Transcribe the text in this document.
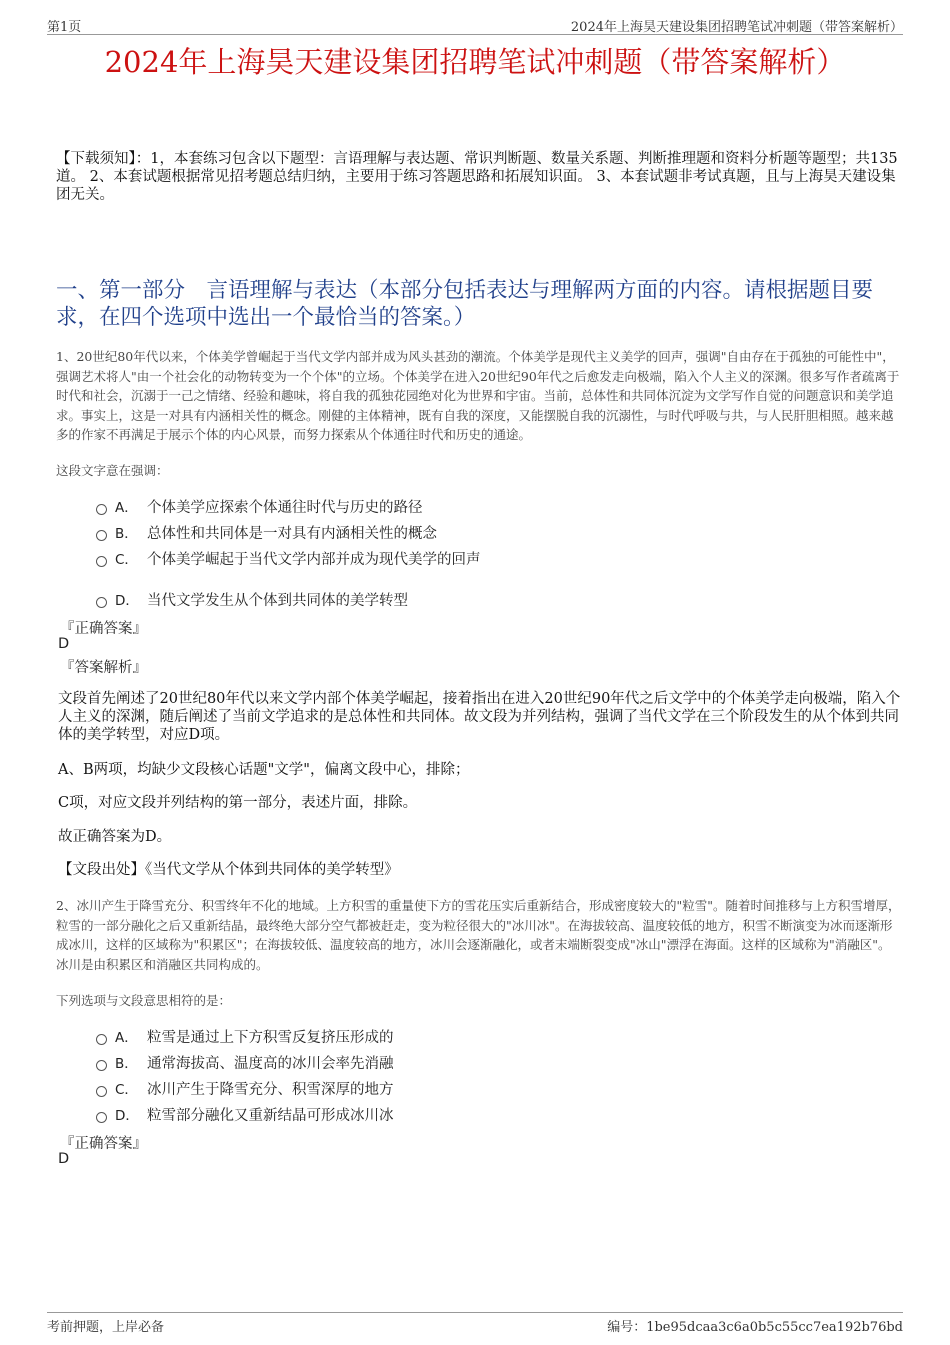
第1页	2024年上海昊天建设集团招聘笔试冲刺题（带答案解析）
2024年上海昊天建设集团招聘笔试冲刺题（带答案解析）
【下载须知】：1，本套练习包含以下题型：言语理解与表达题、常识判断题、数量关系题、判断推理题和资料分析题等题型；共135道。 2、本套试题根据常见招考题总结归纳，主要用于练习答题思路和拓展知识面。 3、本套试题非考试真题，且与上海昊天建设集团无关。
一、第一部分　言语理解与表达（本部分包括表达与理解两方面的内容。请根据题目要求，在四个选项中选出一个最恰当的答案。）
1、20世纪80年代以来，个体美学曾崛起于当代文学内部并成为风头甚劲的潮流。个体美学是现代主义美学的回声，强调"自由存在于孤独的可能性中"，强调艺术将人"由一个社会化的动物转变为一个个体"的立场。个体美学在进入20世纪90年代之后愈发走向极端，陷入个人主义的深渊。很多写作者疏离于时代和社会，沉溺于一己之情绪、经验和趣味，将自我的孤独花园绝对化为世界和宇宙。当前，总体性和共同体沉淀为文学写作自觉的问题意识和美学追求。事实上，这是一对具有内涵相关性的概念。刚健的主体精神，既有自我的深度，又能摆脱自我的沉溺性，与时代呼吸与共，与人民肝胆相照。越来越多的作家不再满足于展示个体的内心风景，而努力探索从个体通往时代和历史的通途。
这段文字意在强调：
A． 个体美学应探索个体通往时代与历史的路径
B． 总体性和共同体是一对具有内涵相关性的概念
C． 个体美学崛起于当代文学内部并成为现代美学的回声
D． 当代文学发生从个体到共同体的美学转型
『正确答案』
D
『答案解析』
文段首先阐述了20世纪80年代以来文学内部个体美学崛起，接着指出在进入20世纪90年代之后文学中的个体美学走向极端，陷入个人主义的深渊，随后阐述了当前文学追求的是总体性和共同体。故文段为并列结构，强调了当代文学在三个阶段发生的从个体到共同体的美学转型，对应D项。
A、B两项，均缺少文段核心话题"文学"，偏离文段中心，排除；
C项，对应文段并列结构的第一部分，表述片面，排除。
故正确答案为D。
【文段出处】《当代文学从个体到共同体的美学转型》
2、冰川产生于降雪充分、积雪终年不化的地域。上方积雪的重量使下方的雪花压实后重新结合，形成密度较大的"粒雪"。随着时间推移与上方积雪增厚，粒雪的一部分融化之后又重新结晶，最终绝大部分空气都被赶走，变为粒径很大的"冰川冰"。在海拔较高、温度较低的地方，积雪不断演变为冰而逐渐形成冰川，这样的区域称为"积累区"；在海拔较低、温度较高的地方，冰川会逐渐融化，或者末端断裂变成"冰山"漂浮在海面。这样的区域称为"消融区"。冰川是由积累区和消融区共同构成的。
下列选项与文段意思相符的是：
A． 粒雪是通过上下方积雪反复挤压形成的
B． 通常海拔高、温度高的冰川会率先消融
C． 冰川产生于降雪充分、积雪深厚的地方
D． 粒雪部分融化又重新结晶可形成冰川冰
『正确答案』
D
考前押题，上岸必备	编号：1be95dcaa3c6a0b5c55cc7ea192b76bd
